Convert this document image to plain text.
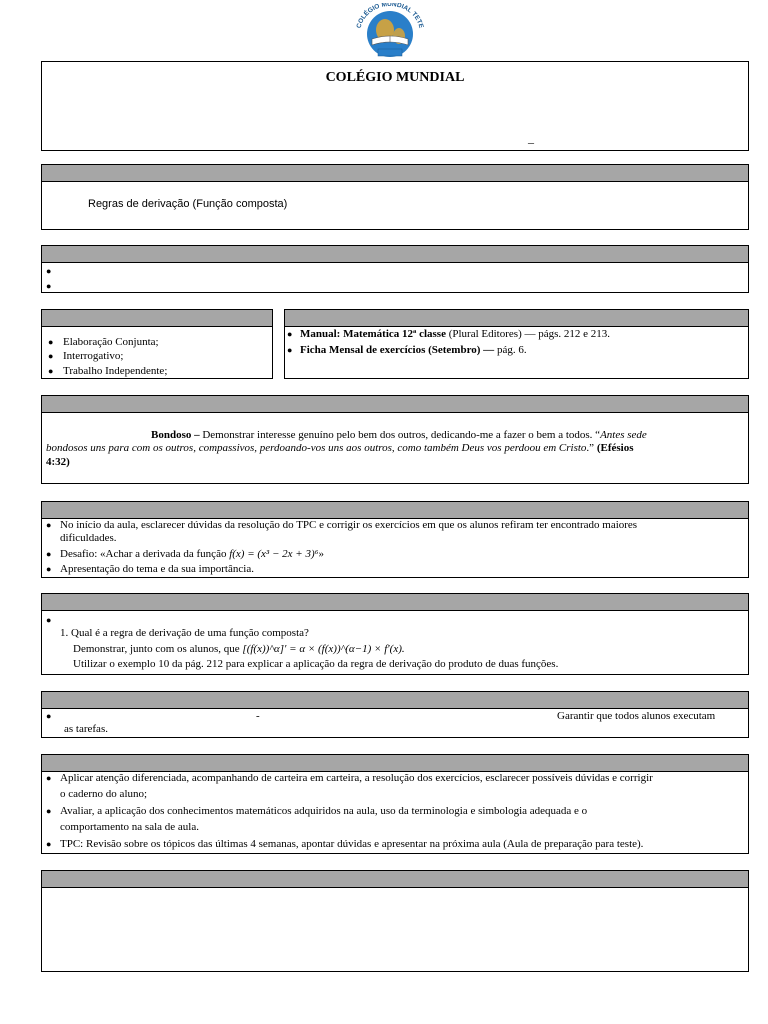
COLÉGIO MUNDIAL TETE
COLÉGIO MUNDIAL
_
Regras de derivação (Função composta)
●
●
● Elaboração Conjunta;
● Interrogativo;
● Trabalho Independente;
● Manual: Matemática 12ª classe (Plural Editores) — págs. 212 e 213.
● Ficha Mensal de exercícios (Setembro) — pág. 6.
Bondoso – Demonstrar interesse genuíno pelo bem dos outros, dedicando-me a fazer o bem a todos. “Antes sede
bondosos uns para com os outros, compassivos, perdoando-vos uns aos outros, como também Deus vos perdoou em Cristo.” (Efésios
4:32)
● No início da aula, esclarecer dúvidas da resolução do TPC e corrigir os exercícios em que os alunos refiram ter encontrado maiores
dificuldades.
● Desafio: «Achar a derivada da função f(x) = (x³ − 2x + 3)⁶»
● Apresentação do tema e da sua importância.
●
1. Qual é a regra de derivação de uma função composta?
Demonstrar, junto com os alunos, que [(f(x))^α]′ = α × (f(x))^(α−1) × f′(x).
Utilizar o exemplo 10 da pág. 212 para explicar a aplicação da regra de derivação do produto de duas funções.
●	-	Garantir que todos alunos executam
as tarefas.
● Aplicar atenção diferenciada, acompanhando de carteira em carteira, a resolução dos exercícios, esclarecer possíveis dúvidas e corrigir
o caderno do aluno;
● Avaliar, a aplicação dos conhecimentos matemáticos adquiridos na aula, uso da terminologia e simbologia adequada e o
comportamento na sala de aula.
● TPC: Revisão sobre os tópicos das últimas 4 semanas, apontar dúvidas e apresentar na próxima aula (Aula de preparação para teste).
